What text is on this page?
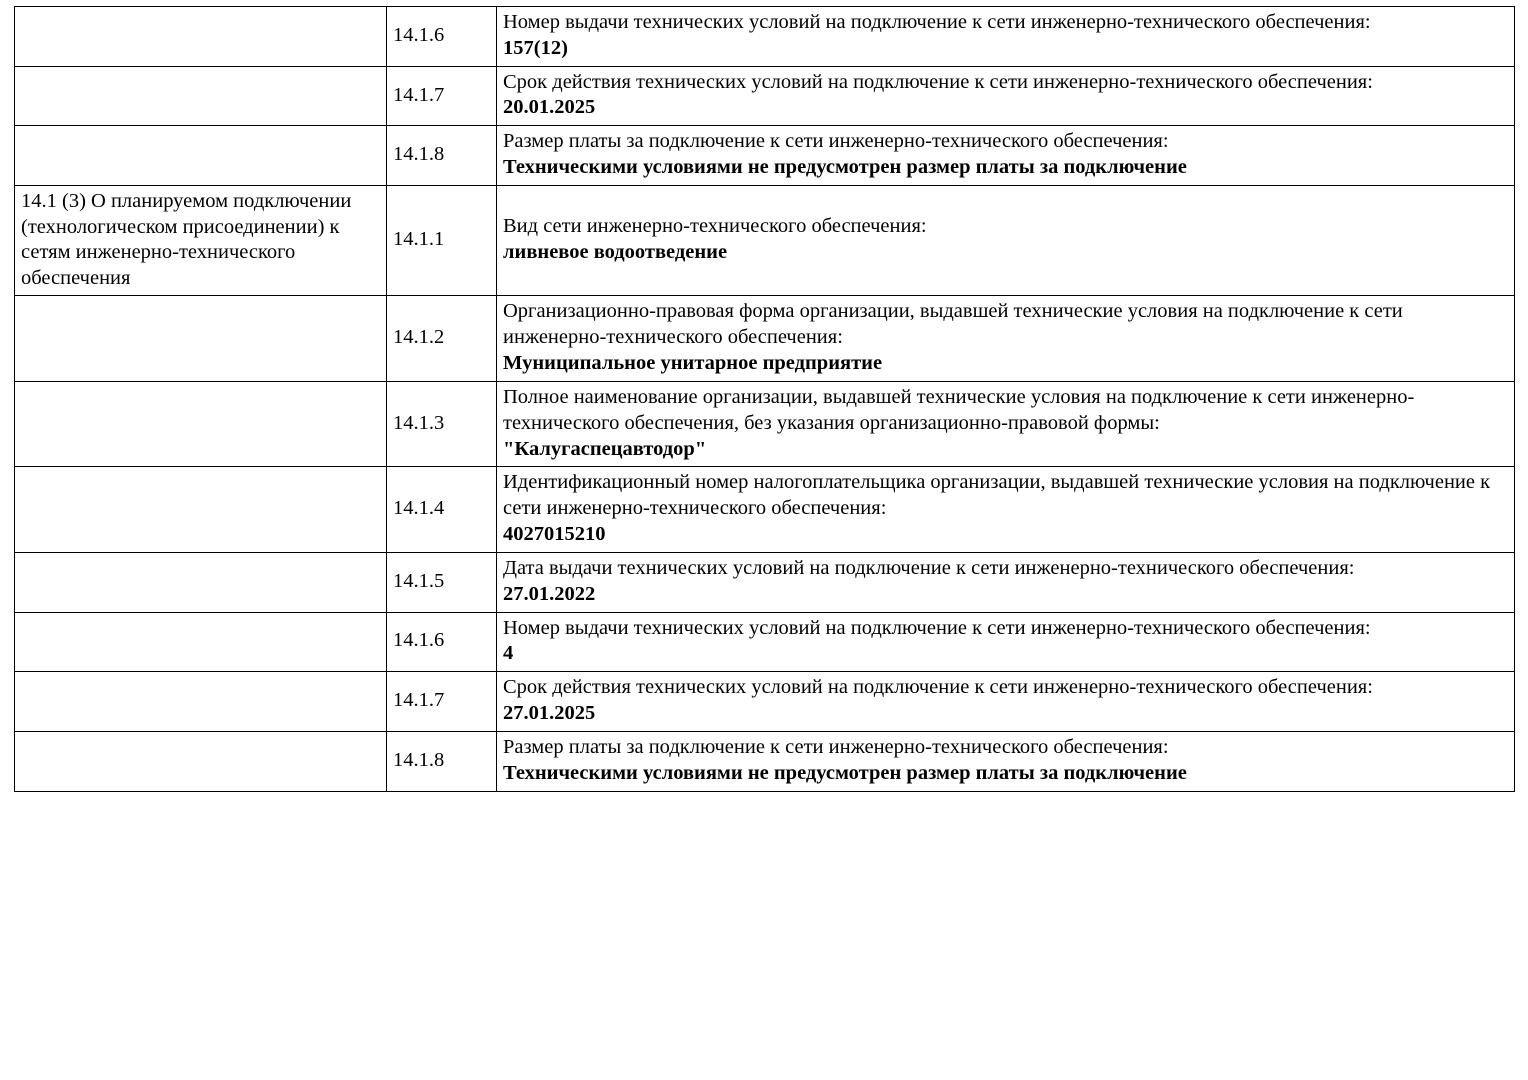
	14.1.6	Номер выдачи технических условий на подключение к сети инженерно-технического обеспечения:
157(12)

	14.1.7	Срок действия технических условий на подключение к сети инженерно-технического обеспечения:
20.01.2025

	14.1.8	Размер платы за подключение к сети инженерно-технического обеспечения:
Техническими условиями не предусмотрен размер платы за подключение

14.1 (3) О планируемом подключении (технологическом присоединении) к сетям инженерно-технического обеспечения	14.1.1	Вид сети инженерно-технического обеспечения:
ливневое водоотведение

	14.1.2	Организационно-правовая форма организации, выдавшей технические условия на подключение к сети инженерно-технического обеспечения:
Муниципальное унитарное предприятие

	14.1.3	Полное наименование организации, выдавшей технические условия на подключение к сети инженерно-технического обеспечения, без указания организационно-правовой формы:
"Калугаспецавтодор"

	14.1.4	Идентификационный номер налогоплательщика организации, выдавшей технические условия на подключение к сети инженерно-технического обеспечения:
4027015210

	14.1.5	Дата выдачи технических условий на подключение к сети инженерно-технического обеспечения:
27.01.2022

	14.1.6	Номер выдачи технических условий на подключение к сети инженерно-технического обеспечения:
4

	14.1.7	Срок действия технических условий на подключение к сети инженерно-технического обеспечения:
27.01.2025

	14.1.8	Размер платы за подключение к сети инженерно-технического обеспечения:
Техническими условиями не предусмотрен размер платы за подключение
